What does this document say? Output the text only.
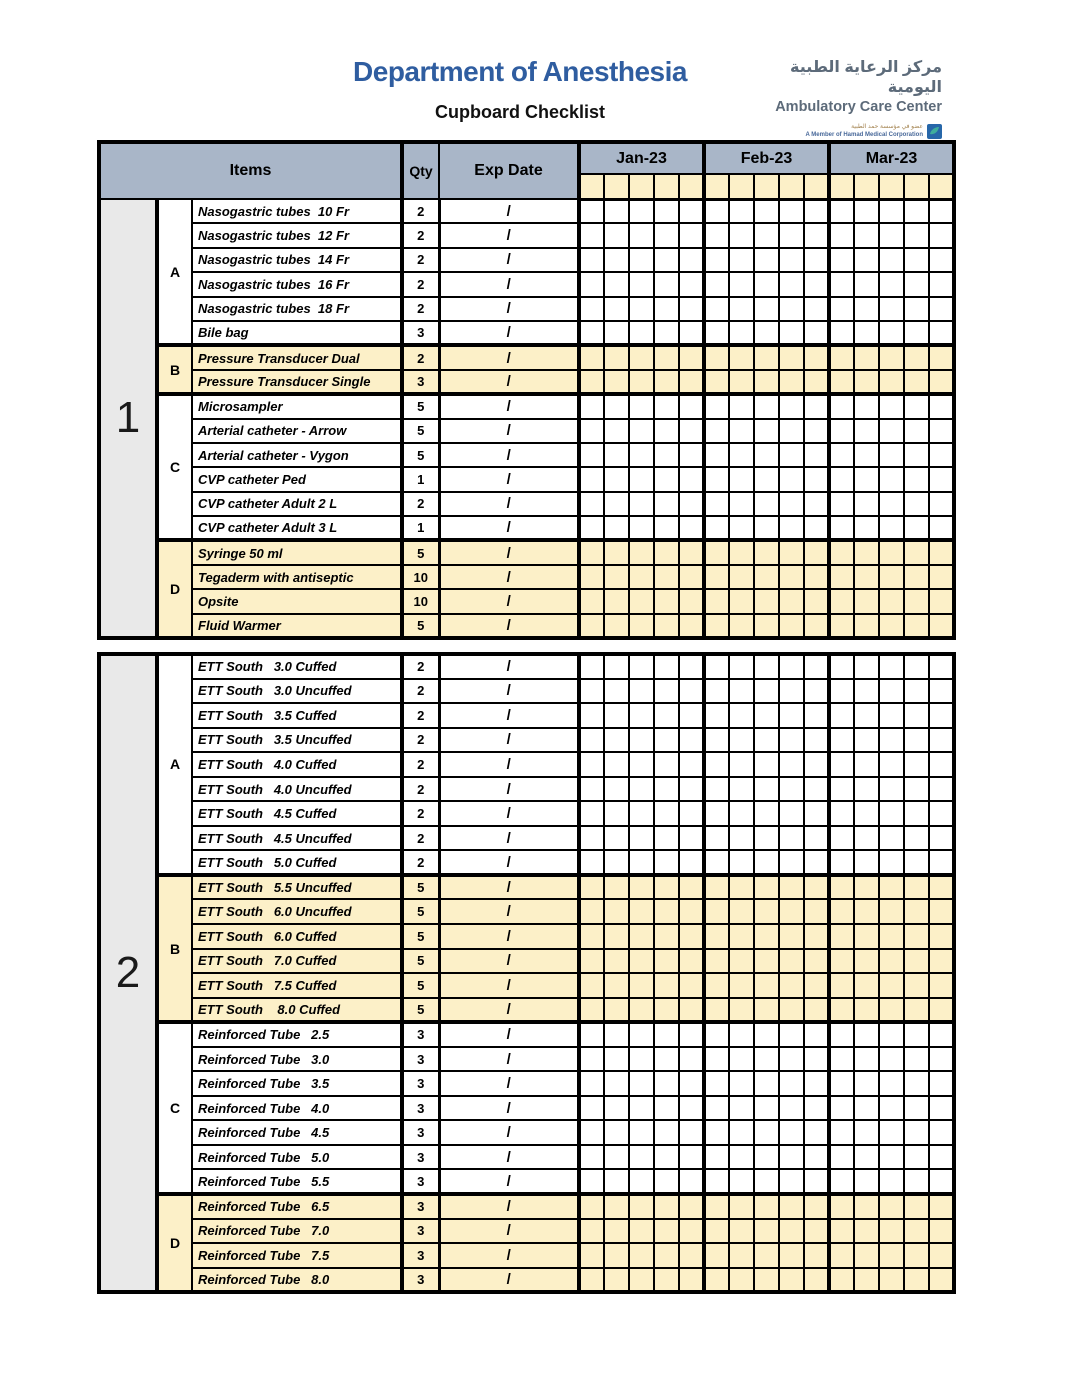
Department of Anesthesia
Cupboard Checklist
مركز الرعاية الطبية اليومية
Ambulatory Care Center
عضو في مؤسسة حمد الطبية
A Member of Hamad Medical Corporation
Items			Qty	Exp Date	Jan-23					Feb-23					Mar-23				

1	A	Nasogastric tubes  10 Fr	2	/															
		Nasogastric tubes  12 Fr	2	/															
		Nasogastric tubes  14 Fr	2	/															
		Nasogastric tubes  16 Fr	2	/															
		Nasogastric tubes  18 Fr	2	/															
		Bile bag	3	/															
	B	Pressure Transducer Dual	2	/															
		Pressure Transducer Single	3	/															
	C	Microsampler	5	/															
		Arterial catheter - Arrow	5	/															
		Arterial catheter - Vygon	5	/															
		CVP catheter Ped	1	/															
		CVP catheter Adult 2 L	2	/															
		CVP catheter Adult 3 L	1	/															
	D	Syringe 50 ml	5	/															
		Tegaderm with antiseptic	10	/															
		Opsite	10	/															
		Fluid Warmer	5	/															
2	A	ETT South   3.0 Cuffed	2	/															
		ETT South   3.0 Uncuffed	2	/															
		ETT South   3.5 Cuffed	2	/															
		ETT South   3.5 Uncuffed	2	/															
		ETT South   4.0 Cuffed	2	/															
		ETT South   4.0 Uncuffed	2	/															
		ETT South   4.5 Cuffed	2	/															
		ETT South   4.5 Uncuffed	2	/															
		ETT South   5.0 Cuffed	2	/															
	B	ETT South   5.5 Uncuffed	5	/															
		ETT South   6.0 Uncuffed	5	/															
		ETT South   6.0 Cuffed	5	/															
		ETT South   7.0 Cuffed	5	/															
		ETT South   7.5 Cuffed	5	/															
		ETT South    8.0 Cuffed	5	/															
	C	Reinforced Tube   2.5	3	/															
		Reinforced Tube   3.0	3	/															
		Reinforced Tube   3.5	3	/															
		Reinforced Tube   4.0	3	/															
		Reinforced Tube   4.5	3	/															
		Reinforced Tube   5.0	3	/															
		Reinforced Tube   5.5	3	/															
	D	Reinforced Tube   6.5	3	/															
		Reinforced Tube   7.0	3	/															
		Reinforced Tube   7.5	3	/															
		Reinforced Tube   8.0	3	/															
